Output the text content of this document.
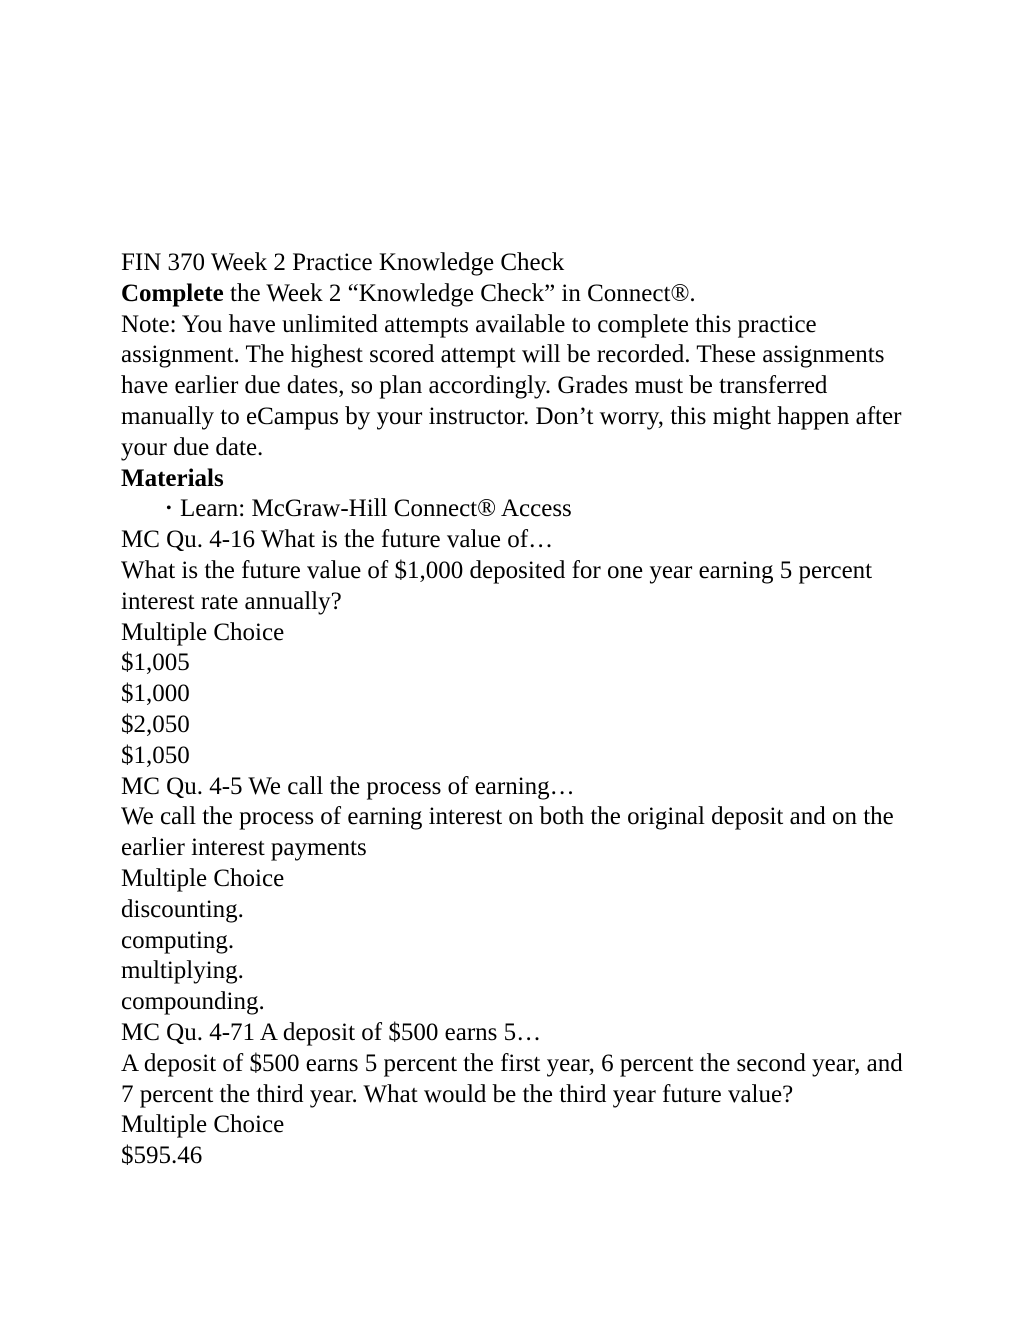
FIN 370 Week 2 Practice Knowledge Check
Complete the Week 2 “Knowledge Check” in Connect®.
Note: You have unlimited attempts available to complete this practice assignment. The highest scored attempt will be recorded. These assignments have earlier due dates, so plan accordingly. Grades must be transferred manually to eCampus by your instructor. Don’t worry, this might happen after your due date.
Materials
• Learn: McGraw-Hill Connect® Access
MC Qu. 4-16 What is the future value of…
What is the future value of $1,000 deposited for one year earning 5 percent interest rate annually?
Multiple Choice
$1,005
$1,000
$2,050
$1,050
MC Qu. 4-5 We call the process of earning…
We call the process of earning interest on both the original deposit and on the earlier interest payments
Multiple Choice
discounting.
computing.
multiplying.
compounding.
MC Qu. 4-71 A deposit of $500 earns 5…
A deposit of $500 earns 5 percent the first year, 6 percent the second year, and 7 percent the third year. What would be the third year future value?
Multiple Choice
$595.46
